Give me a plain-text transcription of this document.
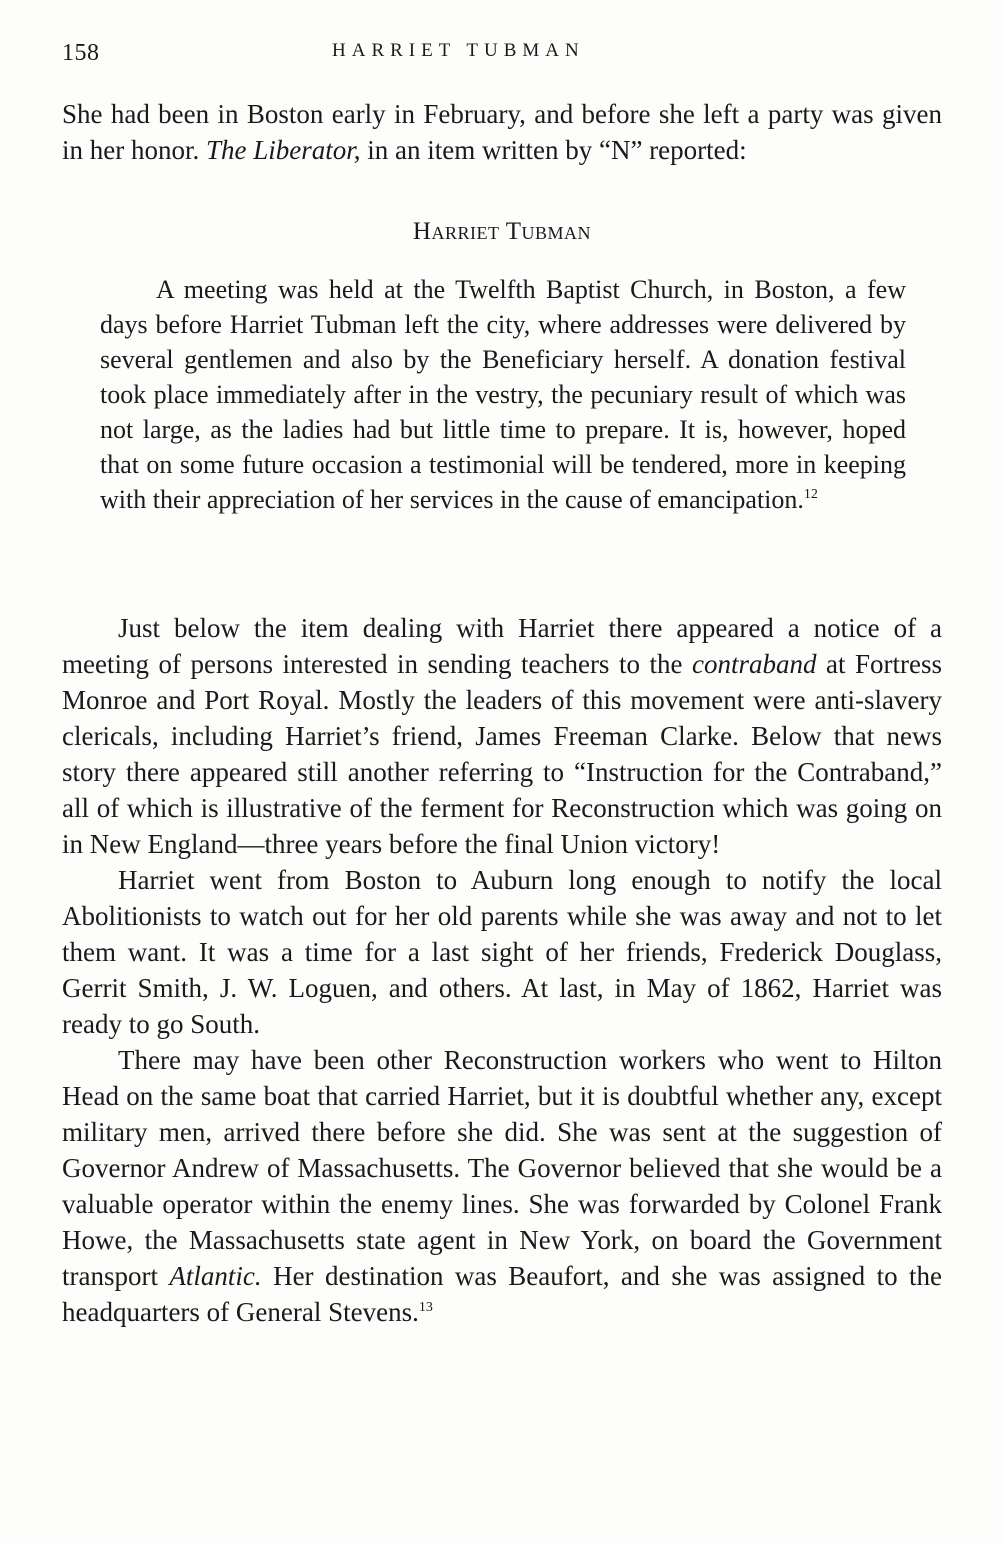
158	HARRIET TUBMAN

She had been in Boston early in February, and before she left a party was given in her honor. The Liberator, in an item written by “N” reported:

Harriet Tubman

A meeting was held at the Twelfth Baptist Church, in Boston, a few days before Harriet Tubman left the city, where addresses were delivered by several gentlemen and also by the Beneficiary herself. A donation festival took place immediately after in the vestry, the pecuniary result of which was not large, as the ladies had but little time to prepare. It is, however, hoped that on some future occasion a testimonial will be tendered, more in keeping with their appreciation of her services in the cause of emancipation.$^{12}$

Just below the item dealing with Harriet there appeared a notice of a meeting of persons interested in sending teachers to the contraband at Fortress Monroe and Port Royal. Mostly the leaders of this movement were anti-slavery clericals, including Harriet’s friend, James Freeman Clarke. Below that news story there appeared still another referring to “Instruction for the Contraband,” all of which is illustrative of the ferment for Reconstruction which was going on in New England—three years before the final Union victory!

Harriet went from Boston to Auburn long enough to notify the local Abolitionists to watch out for her old parents while she was away and not to let them want. It was a time for a last sight of her friends, Frederick Douglass, Gerrit Smith, J. W. Loguen, and others. At last, in May of 1862, Harriet was ready to go South.

There may have been other Reconstruction workers who went to Hilton Head on the same boat that carried Harriet, but it is doubtful whether any, except military men, arrived there before she did. She was sent at the suggestion of Governor Andrew of Massachusetts. The Governor believed that she would be a valuable operator within the enemy lines. She was forwarded by Colonel Frank Howe, the Massachusetts state agent in New York, on board the Government transport Atlantic. Her destination was Beaufort, and she was assigned to the headquarters of General Stevens.$^{13}$
